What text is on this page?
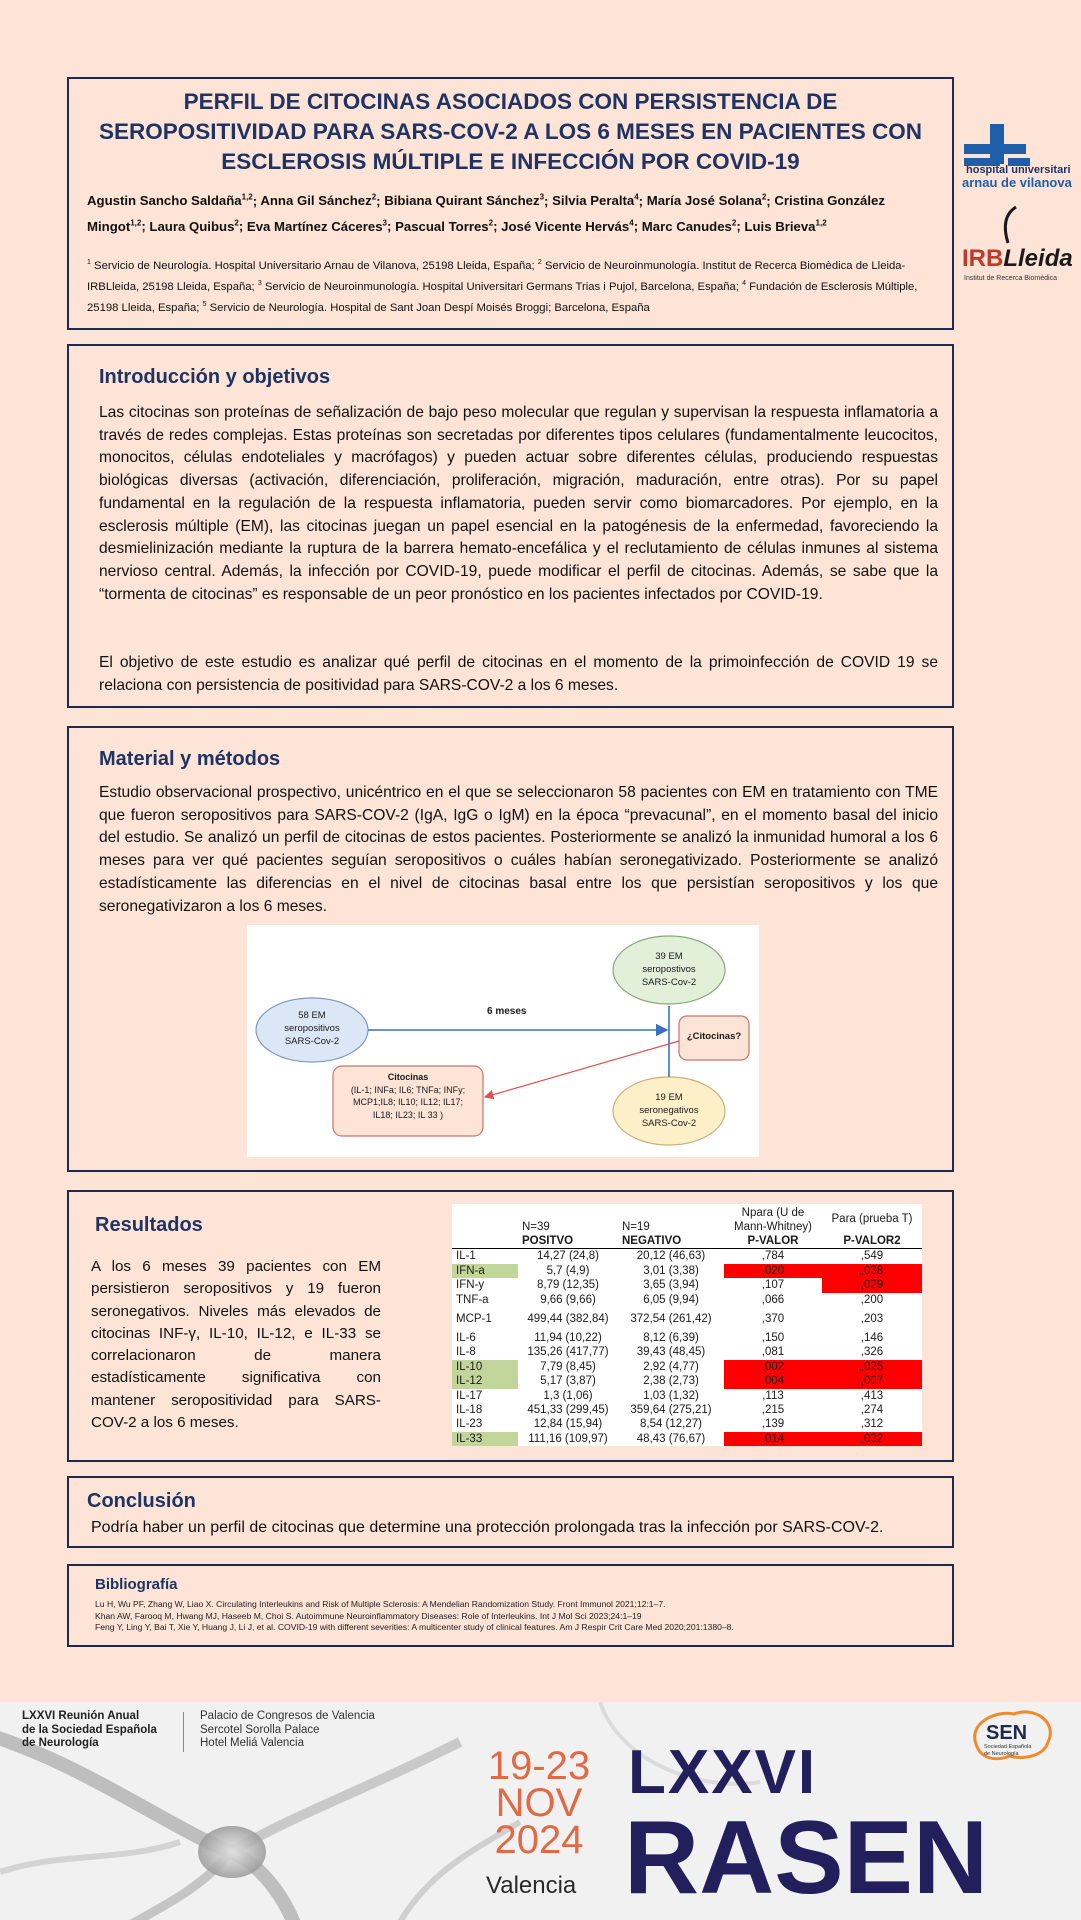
PERFIL DE CITOCINAS ASOCIADOS CON PERSISTENCIA DE
SEROPOSITIVIDAD PARA SARS-COV-2 A LOS 6 MESES EN PACIENTES CON
ESCLEROSIS MÚLTIPLE E INFECCIÓN POR COVID-19
Agustin Sancho Saldaña$^{1,2}$; Anna Gil Sánchez$^2$; Bibiana Quirant Sánchez$^3$; Silvia Peralta$^4$; María José Solana$^2$; Cristina González Mingot$^{1,2}$; Laura Quibus$^2$; Eva Martínez Cáceres$^3$; Pascual Torres$^2$; José Vicente Hervás$^4$; Marc Canudes$^2$; Luis Brieva$^{1,2}$
$^1$ Servicio de Neurología. Hospital Universitario Arnau de Vilanova, 25198 Lleida, España; $^2$ Servicio de Neuroinmunología. Institut de Recerca Biomèdica de Lleida-IRBLleida, 25198 Lleida, España; $^3$ Servicio de Neuroinmunología. Hospital Universitari Germans Trias i Pujol, Barcelona, España; $^4$ Fundación de Esclerosis Múltiple, 25198 Lleida, España; $^5$ Servicio de Neurología. Hospital de Sant Joan Despí Moisés Broggi; Barcelona, España
hospital universitari
arnau de vilanova
IRBLleida
Institut de Recerca Biomèdica
Introducción y objetivos
Las citocinas son proteínas de señalización de bajo peso molecular que regulan y supervisan la respuesta inflamatoria a través de redes complejas. Estas proteínas son secretadas por diferentes tipos celulares (fundamentalmente leucocitos, monocitos, células endoteliales y macrófagos) y pueden actuar sobre diferentes células, produciendo respuestas biológicas diversas (activación, diferenciación, proliferación, migración, maduración, entre otras). Por su papel fundamental en la regulación de la respuesta inflamatoria, pueden servir como biomarcadores. Por ejemplo, en la esclerosis múltiple (EM), las citocinas juegan un papel esencial en la patogénesis de la enfermedad, favoreciendo la desmielinización mediante la ruptura de la barrera hemato-encefálica y el reclutamiento de células inmunes al sistema nervioso central. Además, la infección por COVID-19, puede modificar el perfil de citocinas. Además, se sabe que la “tormenta de citocinas” es responsable de un peor pronóstico en los pacientes infectados por COVID-19.
El objetivo de este estudio es analizar qué perfil de citocinas en el momento de la primoinfección de COVID 19 se relaciona con persistencia de positividad para SARS-COV-2 a los 6 meses.
Material y métodos
Estudio observacional prospectivo, unicéntrico en el que se seleccionaron 58 pacientes con EM en tratamiento con TME que fueron seropositivos para SARS-COV-2 (IgA, IgG o IgM) en la época “prevacunal”, en el momento basal del inicio del estudio. Se analizó un perfil de citocinas de estos pacientes. Posteriormente se analizó la inmunidad humoral a los 6 meses para ver qué pacientes seguían seropositivos o cuáles habían seronegativizado. Posteriormente se analizó estadísticamente las diferencias en el nivel de citocinas basal entre los que persistían seropositivos y los que seronegativizaron a los 6 meses.
58 EM
seropositivos
SARS-Cov-2
6 meses
39 EM
seropostivos
SARS-Cov-2
19 EM
seronegativos
SARS-Cov-2
¿Citocinas?
Citocinas
(IL-1; INFa; IL6; TNFa; INFy;
MCP1;IL8; IL10; IL12; IL17;
IL18; IL23; IL 33 )
Resultados
A los 6 meses 39 pacientes con EM persistieron seropositivos y 19 fueron seronegativos. Niveles más elevados de citocinas INF-γ, IL-10, IL-12, e IL-33 se correlacionaron de manera estadísticamente significativa con mantener seropositividad para SARS-COV-2 a los 6 meses.
	N=39	N=19	Npara (U de
Mann-Whitney)	Para (prueba T)
	POSITVO	NEGATIVO	P-VALOR	P-VALOR2
IL-1	14,27 (24,8)	20,12 (46,63)	,784	,549
IFN-a	5,7 (4,9)	3,01 (3,38)	,020	,038
IFN-y	8,79 (12,35)	3,65 (3,94)	,107	,029
TNF-a	9,66 (9,66)	6,05 (9,94)	,066	,200
MCP-1	499,44 (382,84)	372,54 (261,42)	,370	,203
IL-6	11,94 (10,22)	8,12 (6,39)	,150	,146
IL-8	135,26 (417,77)	39,43 (48,45)	,081	,326
IL-10	7,79 (8,45)	2,92 (4,77)	,002	,025
IL-12	5,17 (3,87)	2,38 (2,73)	,004	,007
IL-17	1,3 (1,06)	1,03 (1,32)	,113	,413
IL-18	451,33 (299,45)	359,64 (275,21)	,215	,274
IL-23	12,84 (15,94)	8,54 (12,27)	,139	,312
IL-33	111,16 (109,97)	48,43 (76,67)	,014	,032
Conclusión
Podría haber un perfil de citocinas que determine una protección prolongada tras la infección por SARS-COV-2.
Bibliografía
Lu H, Wu PF, Zhang W, Liao X. Circulating Interleukins and Risk of Multiple Sclerosis: A Mendelian Randomization Study. Front Immunol 2021;12:1–7.
Khan AW, Farooq M, Hwang MJ, Haseeb M, Choi S. Autoimmune Neuroinflammatory Diseases: Role of Interleukins. Int J Mol Sci 2023;24:1–19
Feng Y, Ling Y, Bai T, Xie Y, Huang J, Li J, et al. COVID-19 with different severities: A multicenter study of clinical features. Am J Respir Crit Care Med 2020;201:1380–8.
LXXVI Reunión Anual
de la Sociedad Española
de Neurología
Palacio de Congresos de Valencia
Sercotel Sorolla Palace
Hotel Meliá Valencia
19-23
NOV
2024
Valencia
LXXVI
RASEN
SEN
Sociedad Española
de Neurología
